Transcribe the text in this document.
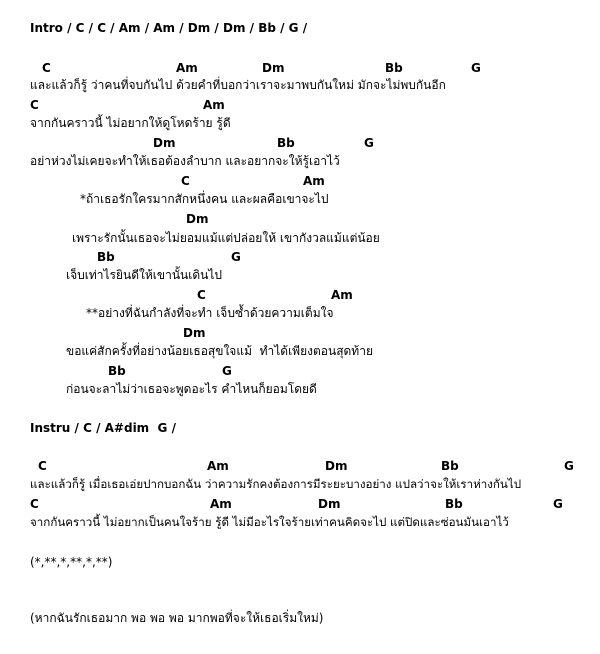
Intro / C / C / Am / Am / Dm / Dm / Bb / G /
C	Am	Dm	Bb	G
และแล้วก็รู้ ว่าคนที่จบกันไป ด้วยคำที่บอกว่าเราจะมาพบกันใหม่ มักจะไม่พบกันอีก
C	Am
จากกันคราวนี้ ไม่อยากให้ดูโหดร้าย รู้ดี
Dm	Bb	G
อย่าห่วงไม่เคยจะทำให้เธอต้องลำบาก และอยากจะให้รู้เอาไว้
C	Am
*ถ้าเธอรักใครมากสักหนึ่งคน และผลคือเขาจะไป
Dm
เพราะรักนั้นเธอจะไม่ยอมแม้แต่ปล่อยให้ เขากังวลแม้แต่น้อย
Bb	G
เจ็บเท่าไรยินดีให้เขานั้นเดินไป
C	Am
**อย่างที่ฉันกำลังที่จะทำ เจ็บซ้ำด้วยความเต็มใจ
Dm
ขอแค่สักครั้งที่อย่างน้อยเธอสุขใจแม้  ทำได้เพียงตอนสุดท้าย
Bb	G
ก่อนจะลาไม่ว่าเธอจะพูดอะไร คำไหนก็ยอมโดยดี
Instru / C / A#dim  G /
C	Am	Dm	Bb	G
และแล้วก็รู้ เมื่อเธอเอ่ยปากบอกฉัน ว่าความรักคงต้องการมีระยะบางอย่าง แปลว่าจะให้เราห่างกันไป
C	Am	Dm	Bb	G
จากกันคราวนี้ ไม่อยากเป็นคนใจร้าย รู้ดี ไม่มีอะไรใจร้ายเท่าคนคิดจะไป แต่ปิดและซ่อนมันเอาไว้
(*,**,*,**,*,**)
(หากฉันรักเธอมาก พอ พอ พอ มากพอที่จะให้เธอเริ่มใหม่)
